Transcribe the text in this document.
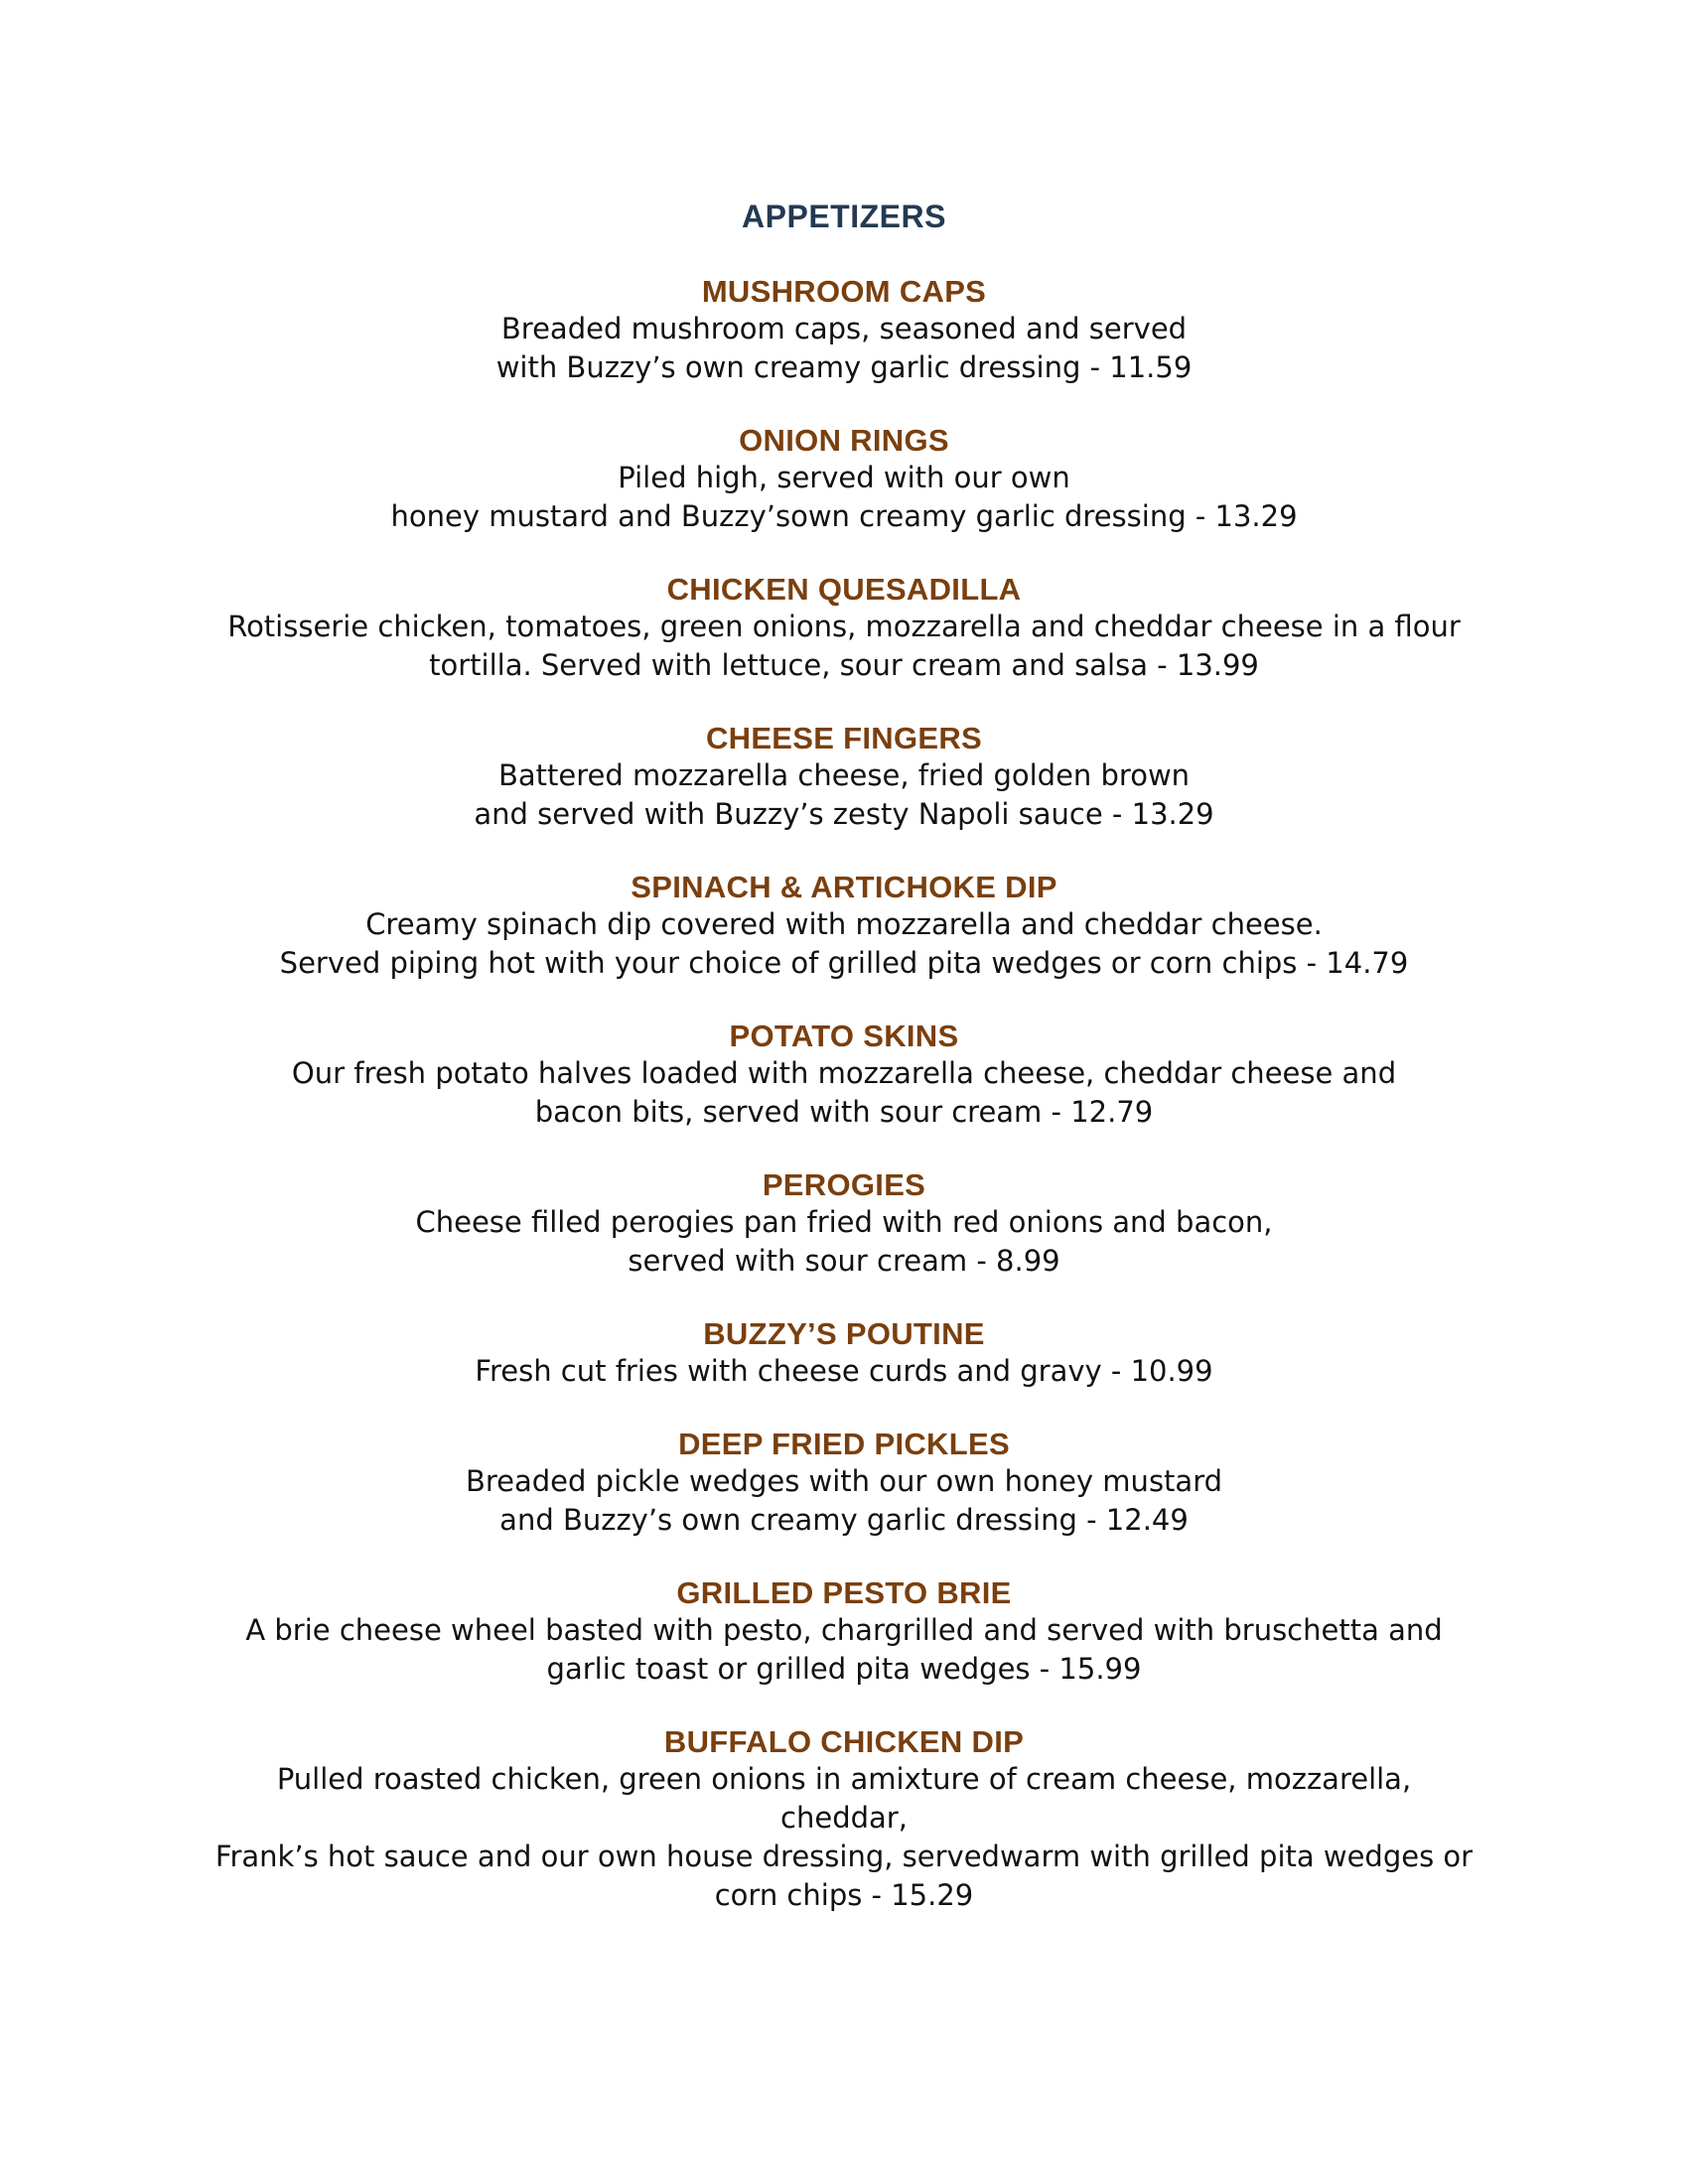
APPETIZERS
MUSHROOM CAPS
Breaded mushroom caps, seasoned and served
with Buzzy’s own creamy garlic dressing - 11.59
ONION RINGS
Piled high, served with our own
honey mustard and Buzzy’sown creamy garlic dressing - 13.29
CHICKEN QUESADILLA
Rotisserie chicken, tomatoes, green onions, mozzarella and cheddar cheese in a flour
tortilla. Served with lettuce, sour cream and salsa - 13.99
CHEESE FINGERS
Battered mozzarella cheese, fried golden brown
and served with Buzzy’s zesty Napoli sauce - 13.29
SPINACH & ARTICHOKE DIP
Creamy spinach dip covered with mozzarella and cheddar cheese.
Served piping hot with your choice of grilled pita wedges or corn chips - 14.79
POTATO SKINS
Our fresh potato halves loaded with mozzarella cheese, cheddar cheese and
bacon bits, served with sour cream - 12.79
PEROGIES
Cheese filled perogies pan fried with red onions and bacon,
served with sour cream - 8.99
BUZZY’S POUTINE
Fresh cut fries with cheese curds and gravy - 10.99
DEEP FRIED PICKLES
Breaded pickle wedges with our own honey mustard
and Buzzy’s own creamy garlic dressing - 12.49
GRILLED PESTO BRIE
A brie cheese wheel basted with pesto, chargrilled and served with bruschetta and
garlic toast or grilled pita wedges - 15.99
BUFFALO CHICKEN DIP
Pulled roasted chicken, green onions in amixture of cream cheese, mozzarella,
cheddar,
Frank’s hot sauce and our own house dressing, servedwarm with grilled pita wedges or
corn chips - 15.29
